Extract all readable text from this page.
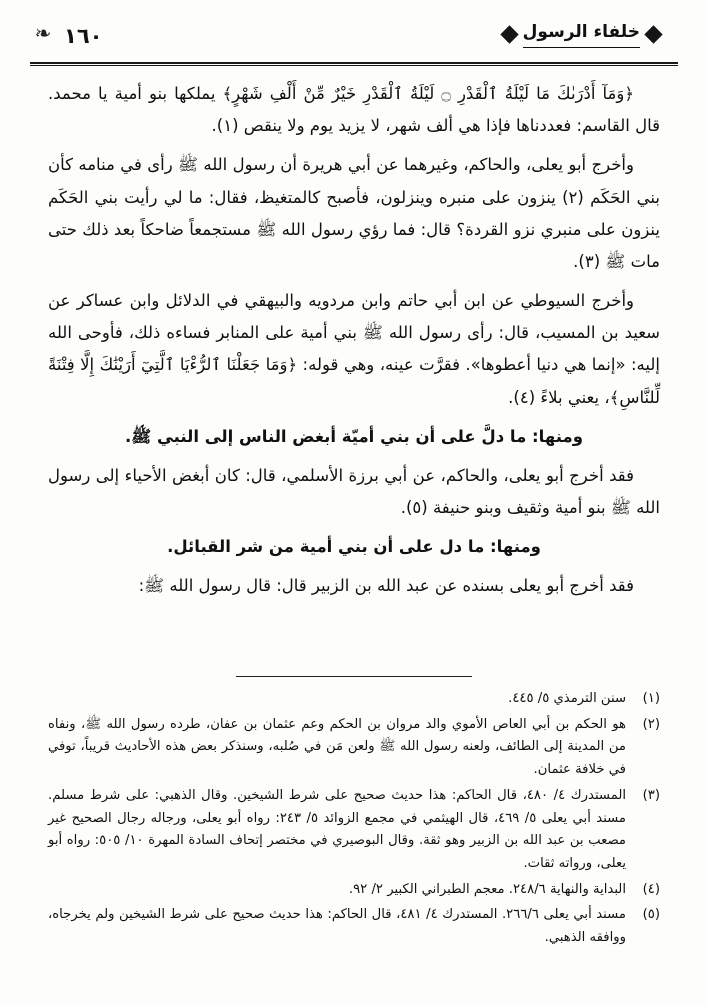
خلفاء الرسول
١٦٠
❧

﴿وَمَآ أَدْرَىٰكَ مَا لَيْلَةُ ٱلْقَدْرِ ۝ لَيْلَةُ ٱلْقَدْرِ خَيْرٌ مِّنْ أَلْفِ شَهْرٍ﴾ يملكها بنو أمية يا محمد. قال القاسم: فعددناها فإذا هي ألف شهر، لا يزيد يوم ولا ينقص (١).

وأخرج أبو يعلى، والحاكم، وغيرهما عن أبي هريرة أن رسول الله ﷺ رأى في منامه كأن بني الحَكَم (٢) ينزون على منبره وينزلون، فأصبح كالمتغيظ، فقال: ما لي رأيت بني الحَكَم ينزون على منبري نزو القردة؟ قال: فما رؤي رسول الله ﷺ مستجمعاً ضاحكاً بعد ذلك حتى مات ﷺ (٣).

وأخرج السيوطي عن ابن أبي حاتم وابن مردويه والبيهقي في الدلائل وابن عساكر عن سعيد بن المسيب، قال: رأى رسول الله ﷺ بني أمية على المنابر فساءه ذلك، فأوحى الله إليه: «إنما هي دنيا أعطوها». فقرَّت عينه، وهي قوله: ﴿وَمَا جَعَلْنَا ٱلرُّءْيَا ٱلَّتِيٓ أَرَيْنَٰكَ إِلَّا فِتْنَةً لِّلنَّاسِ﴾، يعني بلاءً (٤).

ومنها: ما دلَّ على أن بني أميّة أبغض الناس إلى النبي ﷺ.

فقد أخرج أبو يعلى، والحاكم، عن أبي برزة الأسلمي، قال: كان أبغض الأحياء إلى رسول الله ﷺ بنو أمية وثقيف وبنو حنيفة (٥).

ومنها: ما دل على أن بني أمية من شر القبائل.

فقد أخرج أبو يعلى بسنده عن عبد الله بن الزبير قال: قال رسول الله ﷺ:

(١)
سنن الترمذي ٥/ ٤٤٥.

(٢)
هو الحكم بن أبي العاص الأموي والد مروان بن الحكم وعم عثمان بن عفان، طرده رسول الله ﷺ، ونفاه من المدينة إلى الطائف، ولعنه رسول الله ﷺ ولعن مَن في صُلبه، وسنذكر بعض هذه الأحاديث قريباً، توفي في خلافة عثمان.

(٣)
المستدرك ٤/ ٤٨٠، قال الحاكم: هذا حديث صحيح على شرط الشيخين. وقال الذهبي: على شرط مسلم. مسند أبي يعلى ٥/ ٤٦٩، قال الهيثمي في مجمع الزوائد ٥/ ٢٤٣: رواه أبو يعلى، ورجاله رجال الصحيح غير مصعب بن عبد الله بن الزبير وهو ثقة. وقال البوصيري في مختصر إتحاف السادة المهرة ١٠/ ٥٠٥: رواه أبو يعلى، ورواته ثقات.

(٤)
البداية والنهاية ٢٤٨/٦. معجم الطبراني الكبير ٢/ ٩٢.

(٥)
مسند أبي يعلى ٢٦٦/٦. المستدرك ٤/ ٤٨١، قال الحاكم: هذا حديث صحيح على شرط الشيخين ولم يخرجاه، ووافقه الذهبي.
